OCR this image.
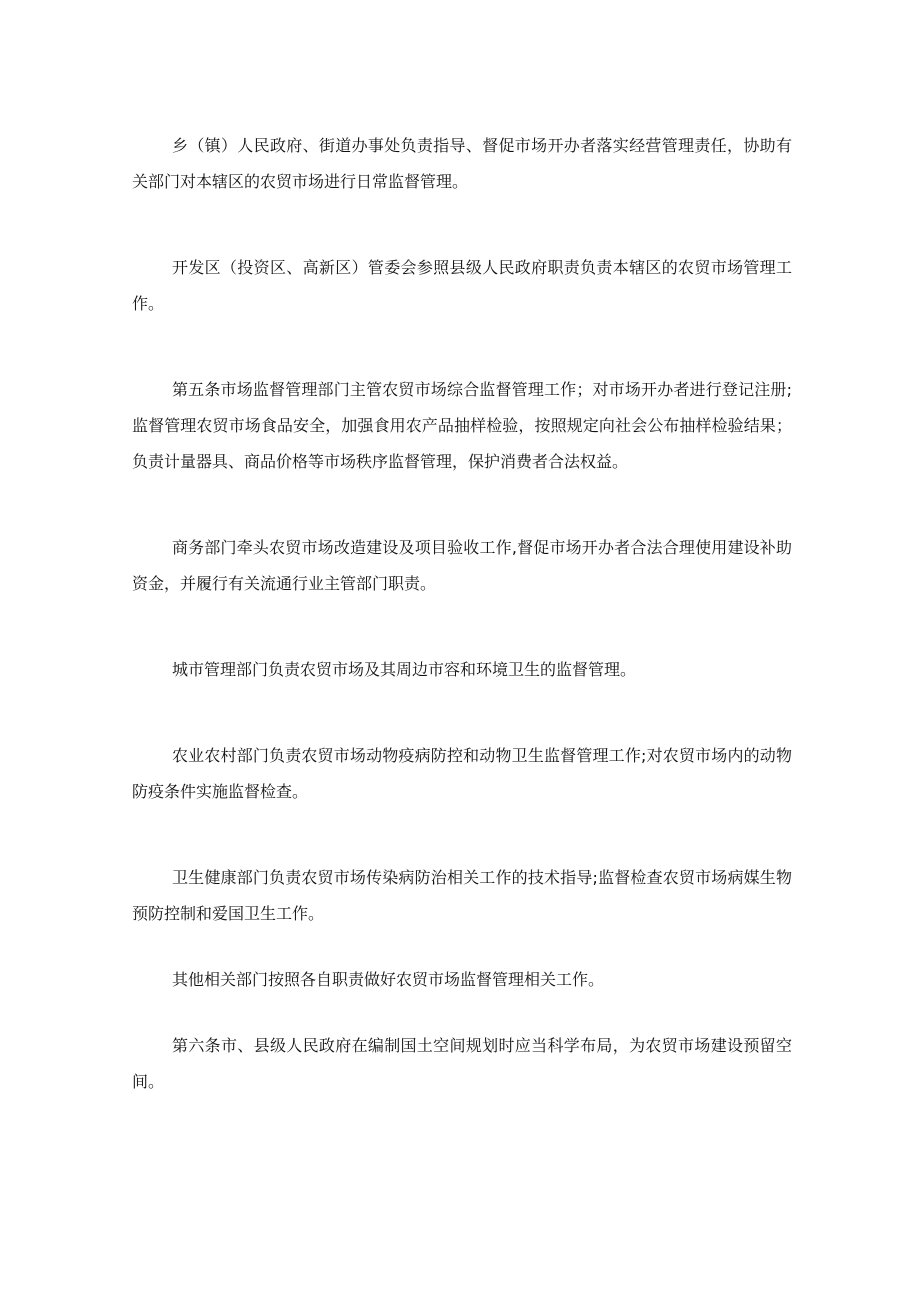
乡（镇）人民政府、街道办事处负责指导、督促市场开办者落实经营管理责任，协助有关部门对本辖区的农贸市场进行日常监督管理。

开发区（投资区、高新区）管委会参照县级人民政府职责负责本辖区的农贸市场管理工作。

第五条市场监督管理部门主管农贸市场综合监督管理工作；对市场开办者进行登记注册;监督管理农贸市场食品安全，加强食用农产品抽样检验，按照规定向社会公布抽样检验结果；负责计量器具、商品价格等市场秩序监督管理，保护消费者合法权益。

商务部门牵头农贸市场改造建设及项目验收工作,督促市场开办者合法合理使用建设补助资金，并履行有关流通行业主管部门职责。

城市管理部门负责农贸市场及其周边市容和环境卫生的监督管理。

农业农村部门负责农贸市场动物疫病防控和动物卫生监督管理工作;对农贸市场内的动物防疫条件实施监督检查。

卫生健康部门负责农贸市场传染病防治相关工作的技术指导;监督检查农贸市场病媒生物预防控制和爱国卫生工作。

其他相关部门按照各自职责做好农贸市场监督管理相关工作。

第六条市、县级人民政府在编制国土空间规划时应当科学布局，为农贸市场建设预留空间。
